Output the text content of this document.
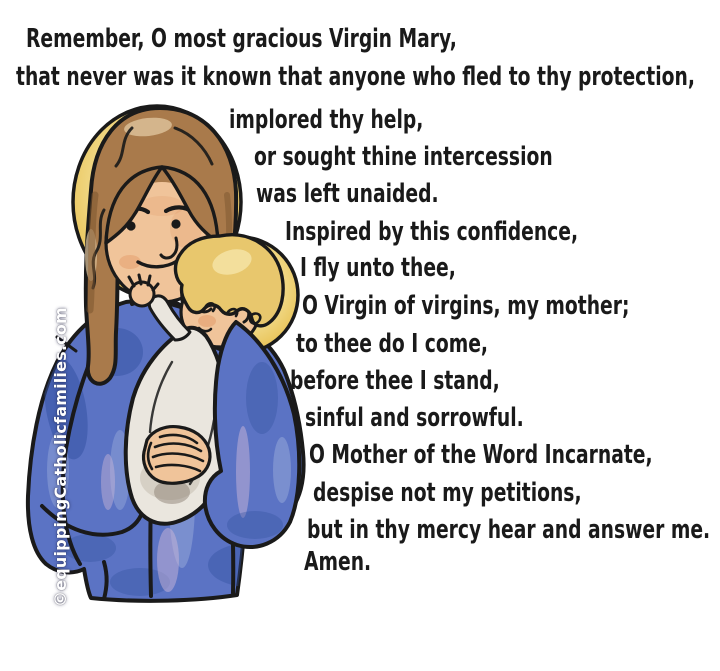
Remember, O most gracious Virgin Mary,
that never was it known that anyone who fled to thy protection,
implored thy help,
or sought thine intercession
was left unaided.
Inspired by this confidence,
I fly unto thee,
O Virgin of virgins, my mother;
to thee do I come,
before thee I stand,
sinful and sorrowful.
O Mother of the Word Incarnate,
despise not my petitions,
but in thy mercy hear and answer me.
Amen.
©equippingCatholicfamilies.com
